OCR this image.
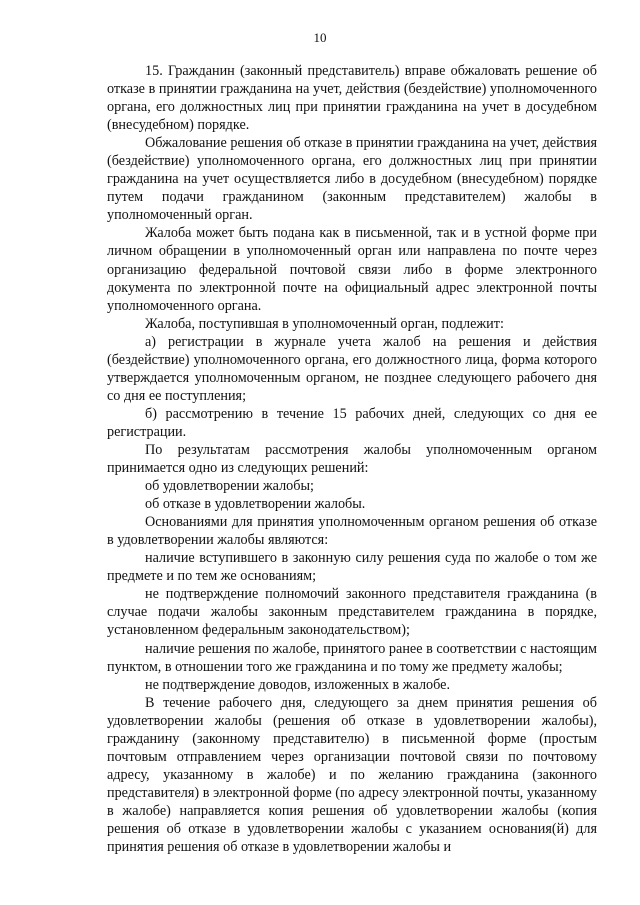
10

15. Гражданин (законный представитель) вправе обжаловать решение об отказе в принятии гражданина на учет, действия (бездействие) уполномоченного органа, его должностных лиц при принятии гражданина на учет в досудебном (внесудебном) порядке.

Обжалование решения об отказе в принятии гражданина на учет, действия (бездействие) уполномоченного органа, его должностных лиц при принятии гражданина на учет осуществляется либо в досудебном (внесудебном) порядке путем подачи гражданином (законным представителем) жалобы в уполномоченный орган.

Жалоба может быть подана как в письменной, так и в устной форме при личном обращении в уполномоченный орган или направлена по почте через организацию федеральной почтовой связи либо в форме электронного документа по электронной почте на официальный адрес электронной почты уполномоченного органа.

Жалоба, поступившая в уполномоченный орган, подлежит:

а) регистрации в журнале учета жалоб на решения и действия (бездействие) уполномоченного органа, его должностного лица, форма которого утверждается уполномоченным органом, не позднее следующего рабочего дня со дня ее поступления;

б) рассмотрению в течение 15 рабочих дней, следующих со дня ее регистрации.

По результатам рассмотрения жалобы уполномоченным органом принимается одно из следующих решений:

об удовлетворении жалобы;

об отказе в удовлетворении жалобы.

Основаниями для принятия уполномоченным органом решения об отказе в удовлетворении жалобы являются:

наличие вступившего в законную силу решения суда по жалобе о том же предмете и по тем же основаниям;

не подтверждение полномочий законного представителя гражданина (в случае подачи жалобы законным представителем гражданина в порядке, установленном федеральным законодательством);

наличие решения по жалобе, принятого ранее в соответствии с настоящим пунктом, в отношении того же гражданина и по тому же предмету жалобы;

не подтверждение доводов, изложенных в жалобе.

В течение рабочего дня, следующего за днем принятия решения об удовлетворении жалобы (решения об отказе в удовлетворении жалобы), гражданину (законному представителю) в письменной форме (простым почтовым отправлением через организации почтовой связи по почтовому адресу, указанному в жалобе) и по желанию гражданина (законного представителя) в электронной форме (по адресу электронной почты, указанному в жалобе) направляется копия решения об удовлетворении жалобы (копия решения об отказе в удовлетворении жалобы с указанием основания(й) для принятия решения об отказе в удовлетворении жалобы и
